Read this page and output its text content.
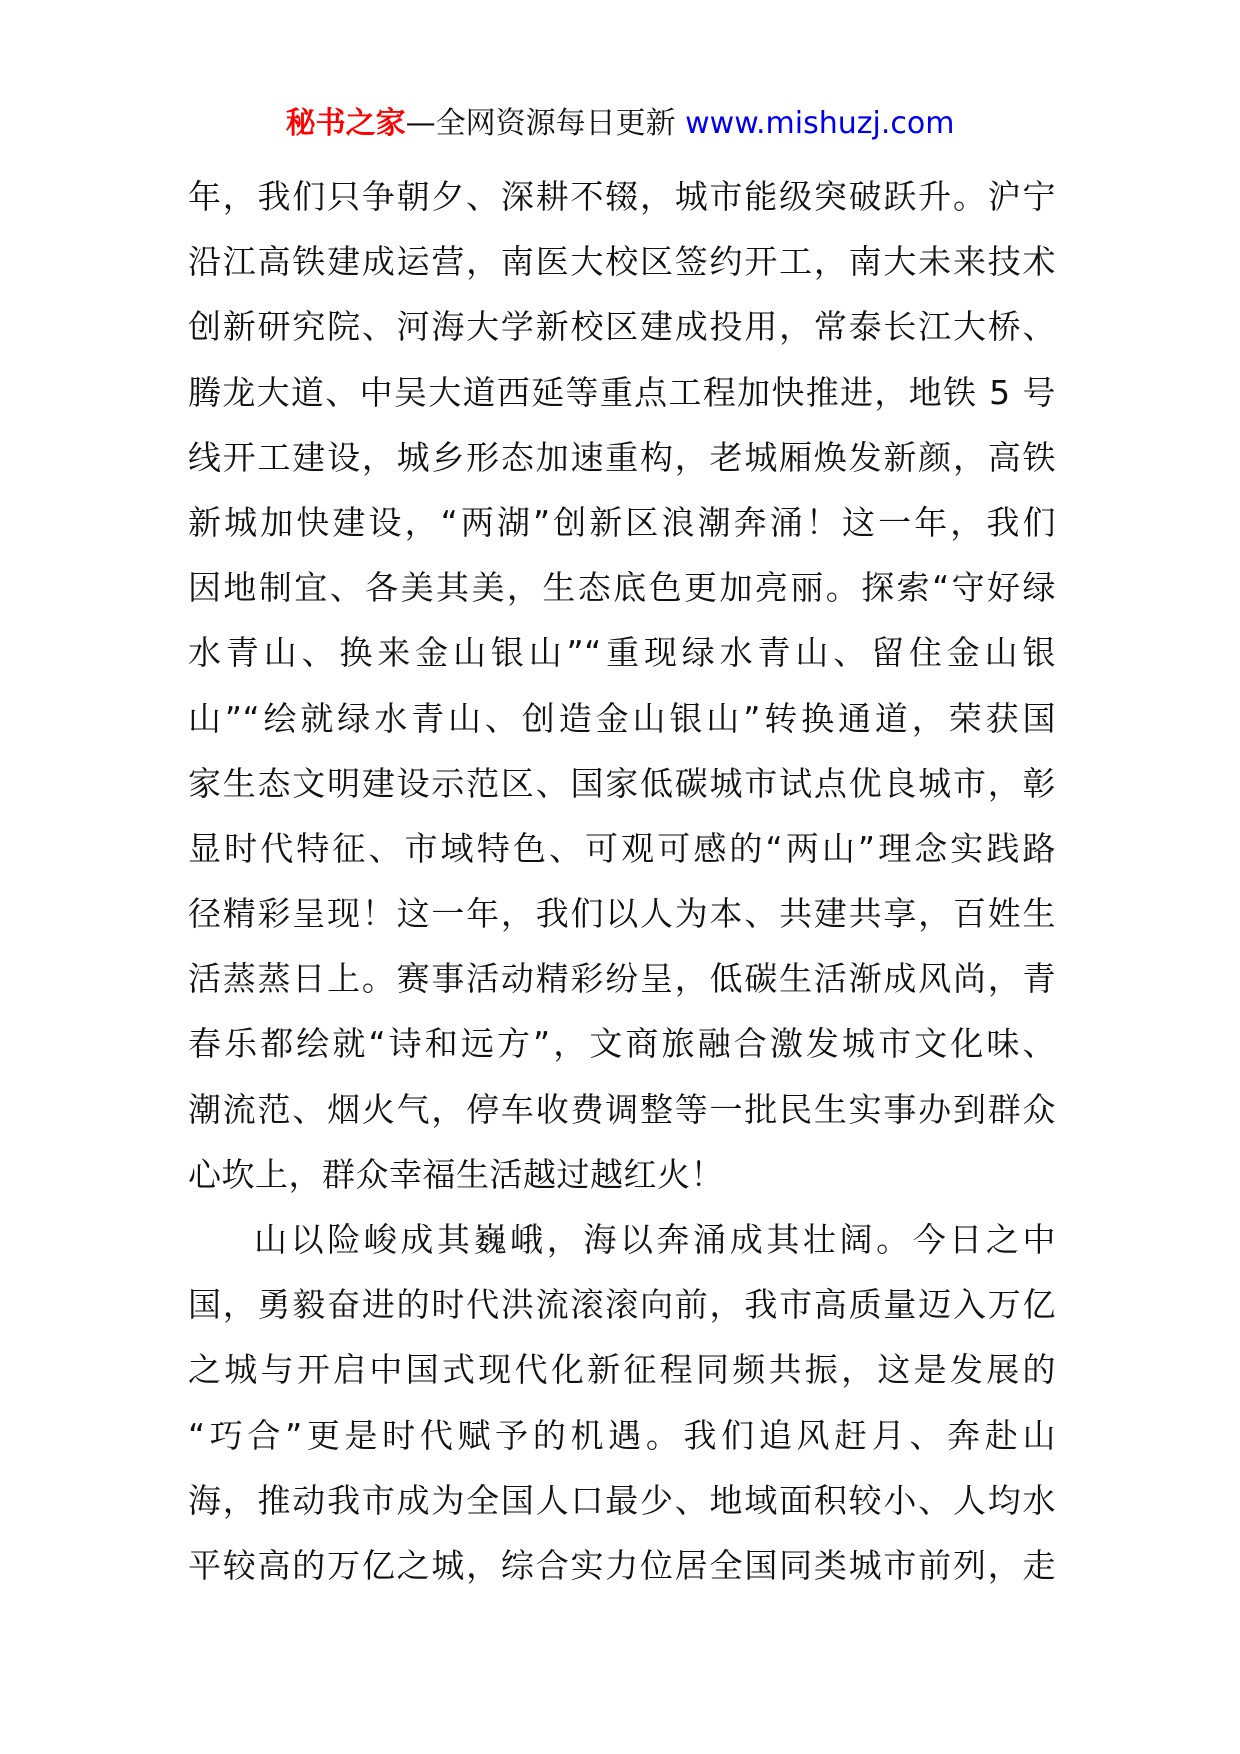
秘书之家—全网资源每日更新 www.mishuzj.com
年，我们只争朝夕、深耕不辍，城市能级突破跃升。沪宁
沿江高铁建成运营，南医大校区签约开工，南大未来技术
创新研究院、河海大学新校区建成投用，常泰长江大桥、
腾龙大道、中吴大道西延等重点工程加快推进，地铁 5 号
线开工建设，城乡形态加速重构，老城厢焕发新颜，高铁
新城加快建设，“两湖”创新区浪潮奔涌！这一年，我们
因地制宜、各美其美，生态底色更加亮丽。探索“守好绿
水青山、换来金山银山”“重现绿水青山、留住金山银
山”“绘就绿水青山、创造金山银山”转换通道，荣获国
家生态文明建设示范区、国家低碳城市试点优良城市，彰
显时代特征、市域特色、可观可感的“两山”理念实践路
径精彩呈现！这一年，我们以人为本、共建共享，百姓生
活蒸蒸日上。赛事活动精彩纷呈，低碳生活渐成风尚，青
春乐都绘就“诗和远方”，文商旅融合激发城市文化味、
潮流范、烟火气，停车收费调整等一批民生实事办到群众
心坎上，群众幸福生活越过越红火！
山以险峻成其巍峨，海以奔涌成其壮阔。今日之中
国，勇毅奋进的时代洪流滚滚向前，我市高质量迈入万亿
之城与开启中国式现代化新征程同频共振，这是发展的
“巧合”更是时代赋予的机遇。我们追风赶月、奔赴山
海，推动我市成为全国人口最少、地域面积较小、人均水
平较高的万亿之城，综合实力位居全国同类城市前列，走
